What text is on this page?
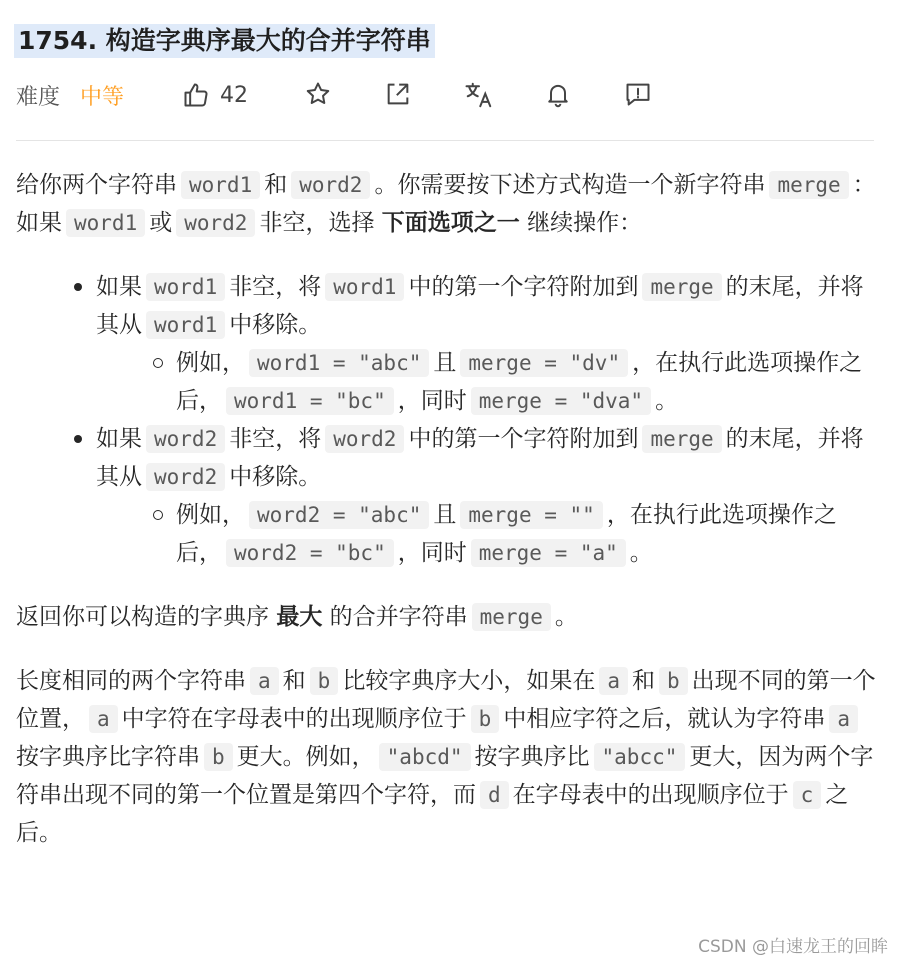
1754. 构造字典序最大的合并字符串
难度 中等	42

给你两个字符串 word1 和 word2 。你需要按下述方式构造一个新字符串 merge ：如果 word1 或 word2 非空，选择 下面选项之一 继续操作：

如果 word1 非空，将 word1 中的第一个字符附加到 merge 的末尾，并将其从 word1 中移除。
例如， word1 = "abc" 且 merge = "dv" ，在执行此选项操作之后， word1 = "bc" ，同时 merge = "dva" 。
如果 word2 非空，将 word2 中的第一个字符附加到 merge 的末尾，并将其从 word2 中移除。
例如， word2 = "abc" 且 merge = "" ，在执行此选项操作之后， word2 = "bc" ，同时 merge = "a" 。

返回你可以构造的字典序 最大 的合并字符串 merge 。

长度相同的两个字符串 a 和 b 比较字典序大小，如果在 a 和 b 出现不同的第一个位置， a 中字符在字母表中的出现顺序位于 b 中相应字符之后，就认为字符串 a按字典序比字符串 b 更大。例如， "abcd" 按字典序比 "abcc" 更大，因为两个字符串出现不同的第一个位置是第四个字符，而 d 在字母表中的出现顺序位于 c 之后。

CSDN @白速龙王的回眸
